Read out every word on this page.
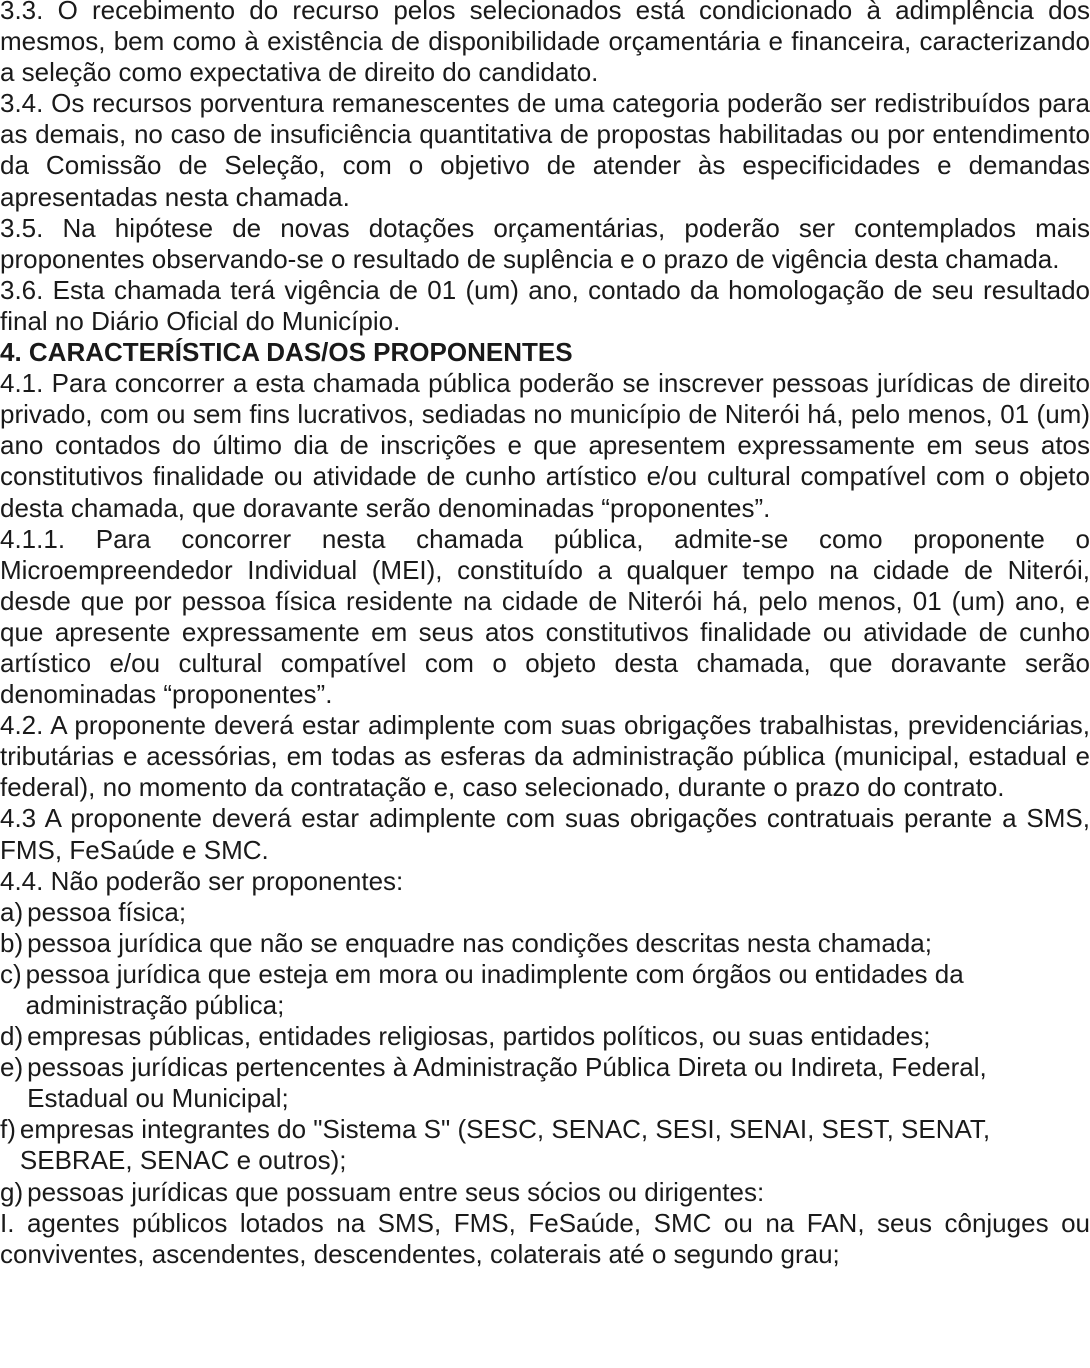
3.3. O recebimento do recurso pelos selecionados está condicionado à adimplência dos mesmos, bem como à existência de disponibilidade orçamentária e financeira, caracterizando a seleção como expectativa de direito do candidato.

3.4. Os recursos porventura remanescentes de uma categoria poderão ser redistribuídos para as demais, no caso de insuficiência quantitativa de propostas habilitadas ou por entendimento da Comissão de Seleção, com o objetivo de atender às especificidades e demandas apresentadas nesta chamada.

3.5. Na hipótese de novas dotações orçamentárias, poderão ser contemplados mais proponentes observando-se o resultado de suplência e o prazo de vigência desta chamada.

3.6. Esta chamada terá vigência de 01 (um) ano, contado da homologação de seu resultado final no Diário Oficial do Município.

4. CARACTERÍSTICA DAS/OS PROPONENTES

4.1. Para concorrer a esta chamada pública poderão se inscrever pessoas jurídicas de direito privado, com ou sem fins lucrativos, sediadas no município de Niterói há, pelo menos, 01 (um) ano contados do último dia de inscrições e que apresentem expressamente em seus atos constitutivos finalidade ou atividade de cunho artístico e/ou cultural compatível com o objeto desta chamada, que doravante serão denominadas “proponentes”.

4.1.1. Para concorrer nesta chamada pública, admite-se como proponente o Microempreendedor Individual (MEI), constituído a qualquer tempo na cidade de Niterói, desde que por pessoa física residente na cidade de Niterói há, pelo menos, 01 (um) ano, e que apresente expressamente em seus atos constitutivos finalidade ou atividade de cunho artístico e/ou cultural compatível com o objeto desta chamada, que doravante serão denominadas “proponentes”.

4.2. A proponente deverá estar adimplente com suas obrigações trabalhistas, previdenciárias, tributárias e acessórias, em todas as esferas da administração pública (municipal, estadual e federal), no momento da contratação e, caso selecionado, durante o prazo do contrato.

4.3 A proponente deverá estar adimplente com suas obrigações contratuais perante a SMS, FMS, FeSaúde e SMC.

4.4. Não poderão ser proponentes:

a) pessoa física;
b) pessoa jurídica que não se enquadre nas condições descritas nesta chamada;
c) pessoa jurídica que esteja em mora ou inadimplente com órgãos ou entidades da administração pública;
d) empresas públicas, entidades religiosas, partidos políticos, ou suas entidades;
e) pessoas jurídicas pertencentes à Administração Pública Direta ou Indireta, Federal, Estadual ou Municipal;
f) empresas integrantes do "Sistema S" (SESC, SENAC, SESI, SENAI, SEST, SENAT, SEBRAE, SENAC e outros);
g) pessoas jurídicas que possuam entre seus sócios ou dirigentes:

I. agentes públicos lotados na SMS, FMS, FeSaúde, SMC ou na FAN, seus cônjuges ou conviventes, ascendentes, descendentes, colaterais até o segundo grau;
